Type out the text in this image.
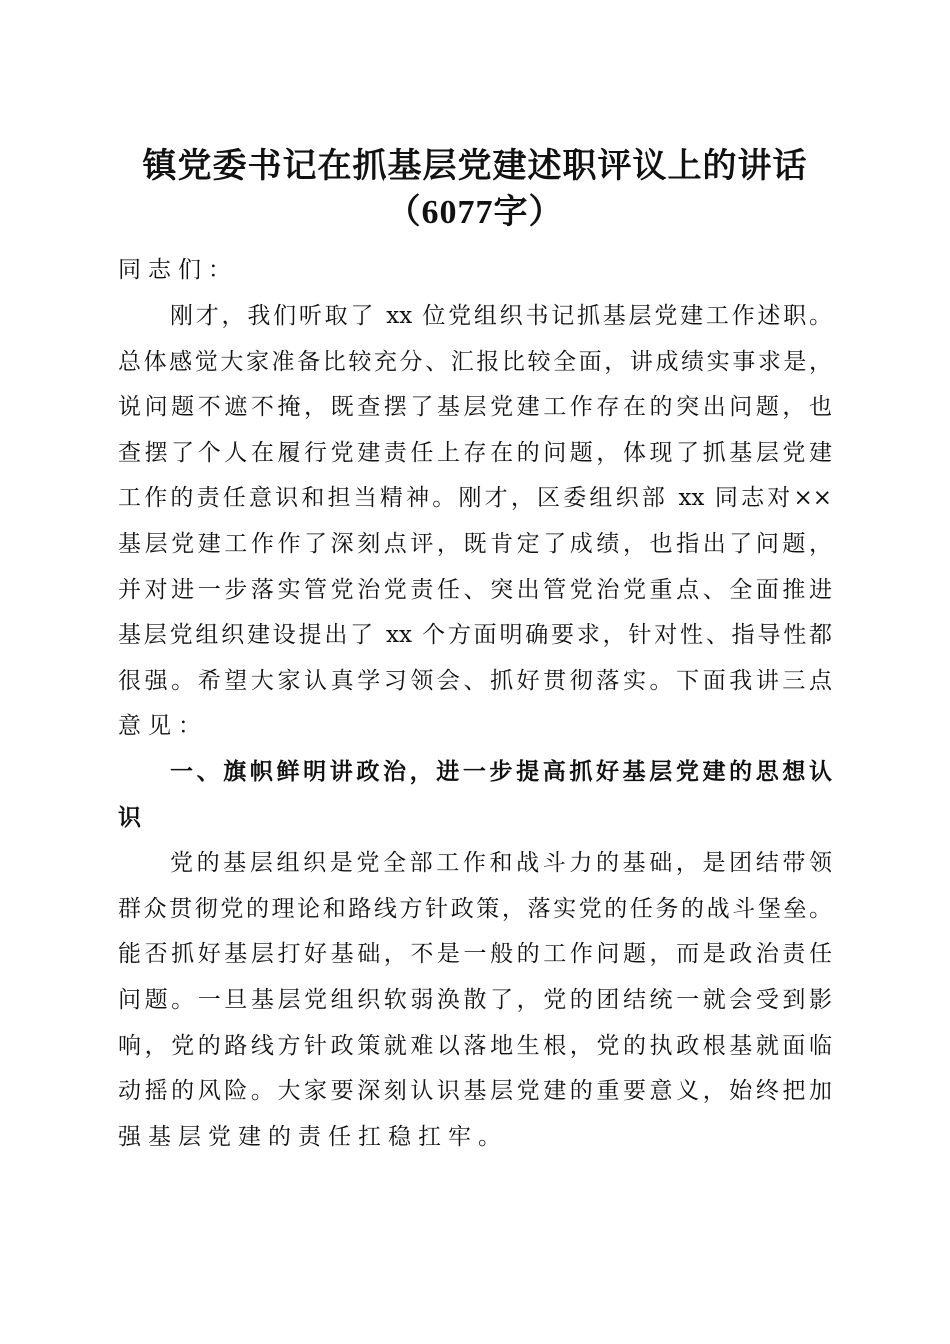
镇党委书记在抓基层党建述职评议上的讲话
（6077字）
同志们：
刚才，我们听取了 xx 位党组织书记抓基层党建工作述职。
总体感觉大家准备比较充分、汇报比较全面，讲成绩实事求是，
说问题不遮不掩，既查摆了基层党建工作存在的突出问题，也
查摆了个人在履行党建责任上存在的问题，体现了抓基层党建
工作的责任意识和担当精神。刚才，区委组织部 xx 同志对××
基层党建工作作了深刻点评，既肯定了成绩，也指出了问题，
并对进一步落实管党治党责任、突出管党治党重点、全面推进
基层党组织建设提出了 xx 个方面明确要求，针对性、指导性都
很强。希望大家认真学习领会、抓好贯彻落实。下面我讲三点
意见：
一、旗帜鲜明讲政治，进一步提高抓好基层党建的思想认
识
党的基层组织是党全部工作和战斗力的基础，是团结带领
群众贯彻党的理论和路线方针政策，落实党的任务的战斗堡垒。
能否抓好基层打好基础，不是一般的工作问题，而是政治责任
问题。一旦基层党组织软弱涣散了，党的团结统一就会受到影
响，党的路线方针政策就难以落地生根，党的执政根基就面临
动摇的风险。大家要深刻认识基层党建的重要意义，始终把加
强基层党建的责任扛稳扛牢。
